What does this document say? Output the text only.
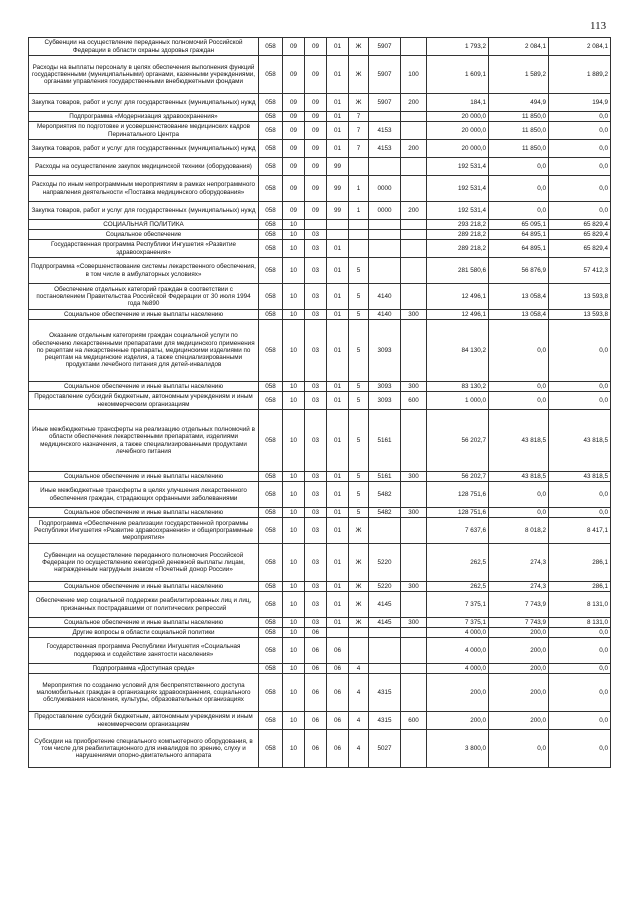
113
Субвенции на осуществление переданных полномочий Российской Федерации в области охраны здоровья граждан	058	09	09	01	Ж	5907		1 793,2	2 084,1	2 084,1
Расходы на выплаты персоналу в целях обеспечения выполнения функций государственными (муниципальными) органами, казенными учреждениями, органами управления государственными внебюджетными фондами	058	09	09	01	Ж	5907	100	1 609,1	1 589,2	1 889,2
Закупка товаров, работ и услуг для государственных (муниципальных) нужд	058	09	09	01	Ж	5907	200	184,1	494,9	194,9
Подпрограмма «Модернизация здравоохранения»	058	09	09	01	7			20 000,0	11 850,0	0,0
Мероприятия по подготовке и усовершенствование медицинских кадров Перинатального Центра	058	09	09	01	7	4153		20 000,0	11 850,0	0,0
Закупка товаров, работ и услуг для государственных (муниципальных) нужд	058	09	09	01	7	4153	200	20 000,0	11 850,0	0,0
Расходы на осуществление закупок медицинской техники (оборудования)	058	09	09	99				192 531,4	0,0	0,0
Расходы по иным непрограммным мероприятиям в рамках непрограммного направления деятельности «Поставка медицинского оборудования»	058	09	09	99	1	0000		192 531,4	0,0	0,0
Закупка товаров, работ и услуг для государственных (муниципальных) нужд	058	09	09	99	1	0000	200	192 531,4	0,0	0,0
СОЦИАЛЬНАЯ ПОЛИТИКА	058	10						293 218,2	65 095,1	65 829,4
Социальное обеспечение	058	10	03					289 218,2	64 895,1	65 829,4
Государственная программа Республики Ингушетия «Развитие здравоохранения»	058	10	03	01				289 218,2	64 895,1	65 829,4
Подпрограмма «Совершенствование системы лекарственного обеспечения, в том числе в амбулаторных условиях»	058	10	03	01	5			281 580,6	56 876,9	57 412,3
Обеспечение отдельных категорий граждан в соответствии с постановлением Правительства Российской Федерации от 30 июля 1994 года №890	058	10	03	01	5	4140		12 496,1	13 058,4	13 593,8
Социальное обеспечение и иные выплаты населению	058	10	03	01	5	4140	300	12 496,1	13 058,4	13 593,8
Оказание отдельным категориям граждан социальной услуги по обеспечению лекарственными препаратами для медицинского применения по рецептам на лекарственные препараты, медицинскими изделиями по рецептам на медицинские изделия, а также специализированными продуктами лечебного питания для детей-инвалидов	058	10	03	01	5	3093		84 130,2	0,0	0,0
Социальное обеспечение и иные выплаты населению	058	10	03	01	5	3093	300	83 130,2	0,0	0,0
Предоставление субсидий бюджетным, автономным учреждениям и иным некоммерческим организациям	058	10	03	01	5	3093	600	1 000,0	0,0	0,0
Иные межбюджетные трансферты на реализацию отдельных полномочий в области обеспечения лекарственными препаратами, изделиями медицинского назначения, а также специализированными продуктами лечебного питания	058	10	03	01	5	5161		56 202,7	43 818,5	43 818,5
Социальное обеспечение и иные выплаты населению	058	10	03	01	5	5161	300	56 202,7	43 818,5	43 818,5
Иные межбюджетные трансферты в целях улучшения лекарственного обеспечения граждан, страдающих орфанными заболеваниями	058	10	03	01	5	5482		128 751,6	0,0	0,0
Социальное обеспечение и иные выплаты населению	058	10	03	01	5	5482	300	128 751,6	0,0	0,0
Подпрограмма «Обеспечение реализации государственной программы Республики Ингушетия «Развитие здравоохранения» и общепрограммные мероприятия»	058	10	03	01	Ж			7 637,6	8 018,2	8 417,1
Субвенции на осуществление переданного полномочия Российской Федерации по осуществлению ежегодной денежной выплаты лицам, награжденным нагрудным знаком «Почетный донор России»	058	10	03	01	Ж	5220		262,5	274,3	286,1
Социальное обеспечение и иные выплаты населению	058	10	03	01	Ж	5220	300	262,5	274,3	286,1
Обеспечение мер социальной поддержки реабилитированных лиц и лиц, признанных пострадавшими от политических репрессий	058	10	03	01	Ж	4145		7 375,1	7 743,9	8 131,0
Социальное обеспечение и иные выплаты населению	058	10	03	01	Ж	4145	300	7 375,1	7 743,9	8 131,0
Другие вопросы в области социальной политики	058	10	06					4 000,0	200,0	0,0
Государственная программа Республики Ингушетия «Социальная поддержка и содействие занятости населения»	058	10	06	06				4 000,0	200,0	0,0
Подпрограмма «Доступная среда»	058	10	06	06	4			4 000,0	200,0	0,0
Мероприятия по созданию условий для беспрепятственного доступа маломобильных граждан в организациях здравоохранения, социального обслуживания населения, культуры, образовательных организациях	058	10	06	06	4	4315		200,0	200,0	0,0
Предоставление субсидий бюджетным, автономным учреждениям и иным некоммерческим организациям	058	10	06	06	4	4315	600	200,0	200,0	0,0
Субсидии на приобретение специального компьютерного оборудования, в том числе для реабилитационного для инвалидов по зрению, слуху и нарушениями опорно-двигательного аппарата	058	10	06	06	4	5027		3 800,0	0,0	0,0
